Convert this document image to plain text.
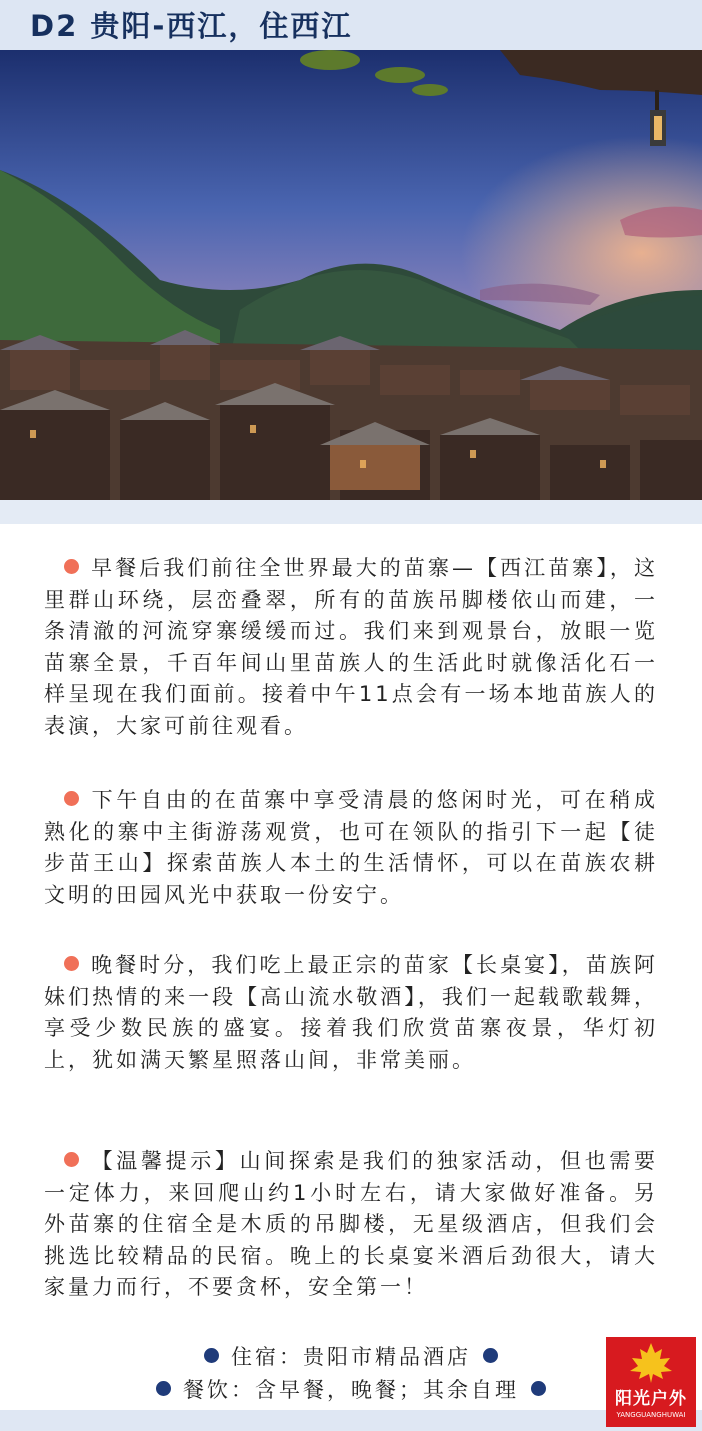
D2 贵阳-西江，住西江
早餐后我们前往全世界最大的苗寨—【西江苗寨】，这里群山环绕，层峦叠翠，所有的苗族吊脚楼依山而建，一条清澈的河流穿寨缓缓而过。我们来到观景台，放眼一览苗寨全景，千百年间山里苗族人的生活此时就像活化石一样呈现在我们面前。接着中午11点会有一场本地苗族人的表演，大家可前往观看。
下午自由的在苗寨中享受清晨的悠闲时光，可在稍成熟化的寨中主街游荡观赏，也可在领队的指引下一起【徒步苗王山】探索苗族人本土的生活情怀，可以在苗族农耕文明的田园风光中获取一份安宁。
晚餐时分，我们吃上最正宗的苗家【长桌宴】，苗族阿妹们热情的来一段【高山流水敬酒】，我们一起载歌载舞，享受少数民族的盛宴。接着我们欣赏苗寨夜景，华灯初上，犹如满天繁星照落山间，非常美丽。
【温馨提示】山间探索是我们的独家活动，但也需要一定体力，来回爬山约1小时左右，请大家做好准备。另外苗寨的住宿全是木质的吊脚楼，无星级酒店，但我们会挑选比较精品的民宿。晚上的长桌宴米酒后劲很大，请大家量力而行，不要贪杯，安全第一！
住宿：贵阳市精品酒店
餐饮：含早餐，晚餐；其余自理	阳光户外
YANGGUANGHUWAI
